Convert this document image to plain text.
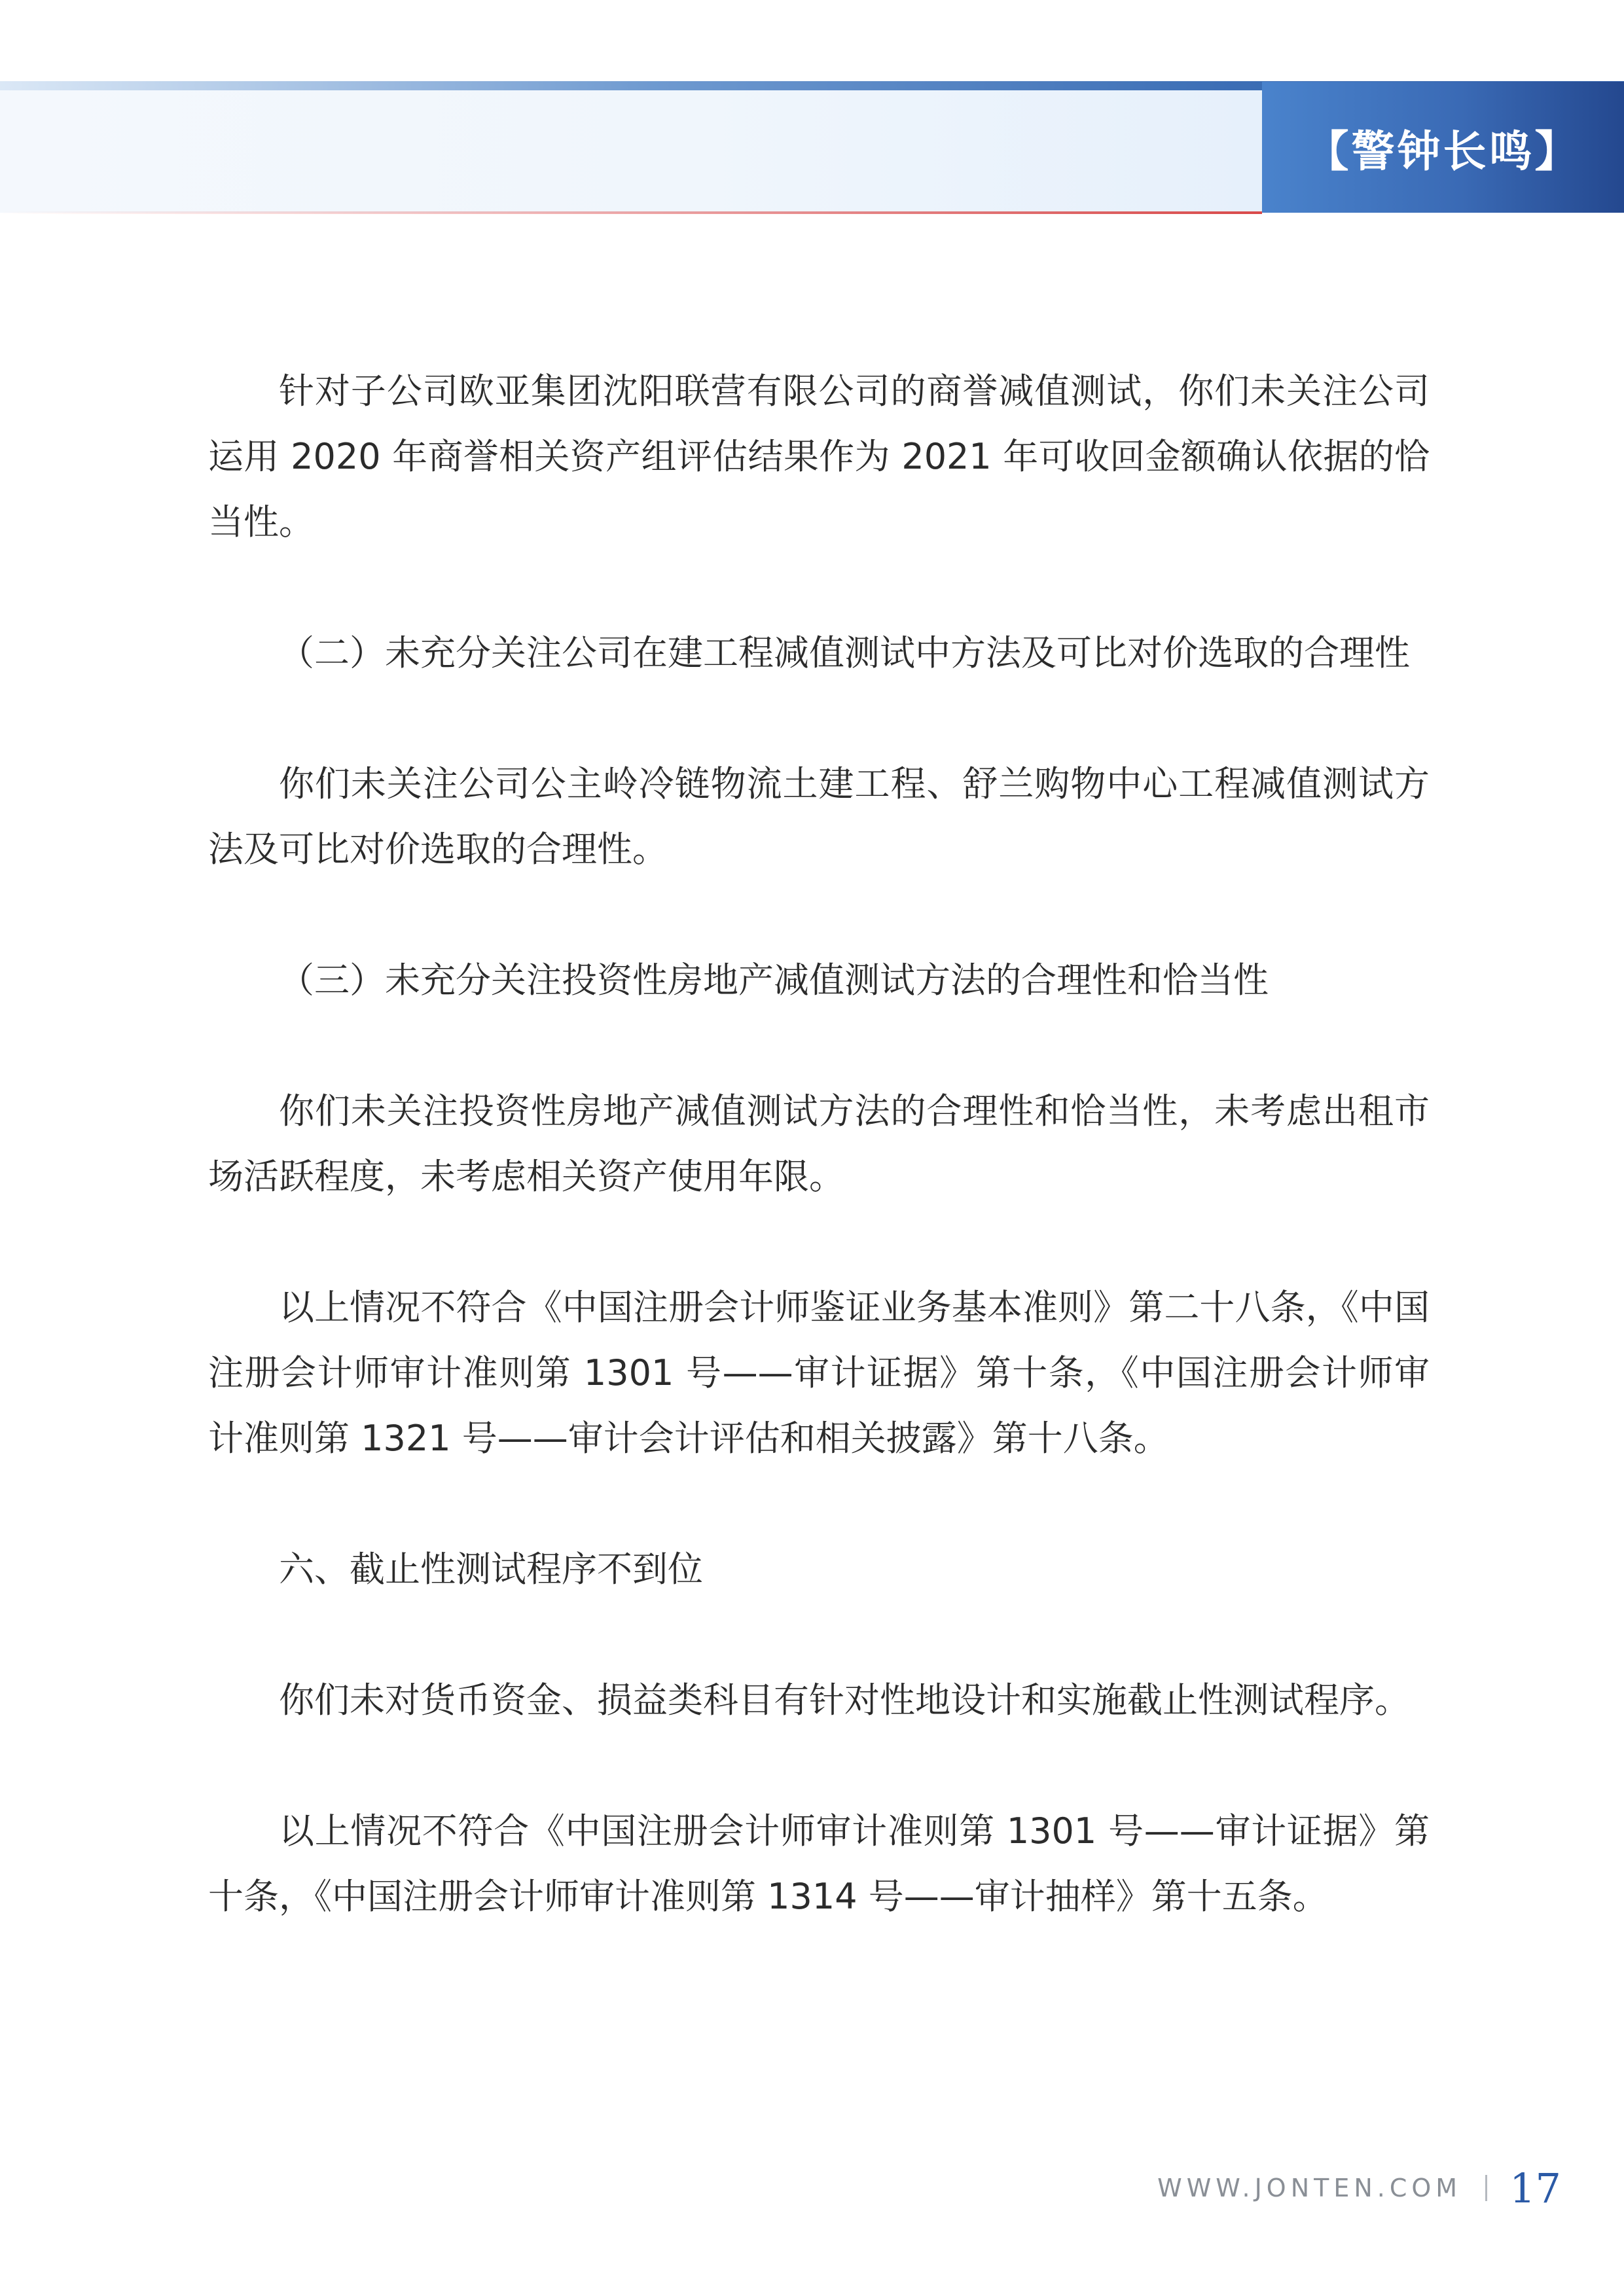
【警钟长鸣】

针对子公司欧亚集团沈阳联营有限公司的商誉减值测试，你们未关注公司运用 2020 年商誉相关资产组评估结果作为 2021 年可收回金额确认依据的恰当性。

（二）未充分关注公司在建工程减值测试中方法及可比对价选取的合理性

你们未关注公司公主岭冷链物流土建工程、舒兰购物中心工程减值测试方法及可比对价选取的合理性。

（三）未充分关注投资性房地产减值测试方法的合理性和恰当性

你们未关注投资性房地产减值测试方法的合理性和恰当性，未考虑出租市场活跃程度，未考虑相关资产使用年限。

以上情况不符合《中国注册会计师鉴证业务基本准则》第二十八条，《中国注册会计师审计准则第 1301 号——审计证据》第十条，《中国注册会计师审计准则第 1321 号——审计会计评估和相关披露》第十八条。

六、截止性测试程序不到位

你们未对货币资金、损益类科目有针对性地设计和实施截止性测试程序。

以上情况不符合《中国注册会计师审计准则第 1301 号——审计证据》第十条，《中国注册会计师审计准则第 1314 号——审计抽样》第十五条。

WWW.JONTEN.COM 17
